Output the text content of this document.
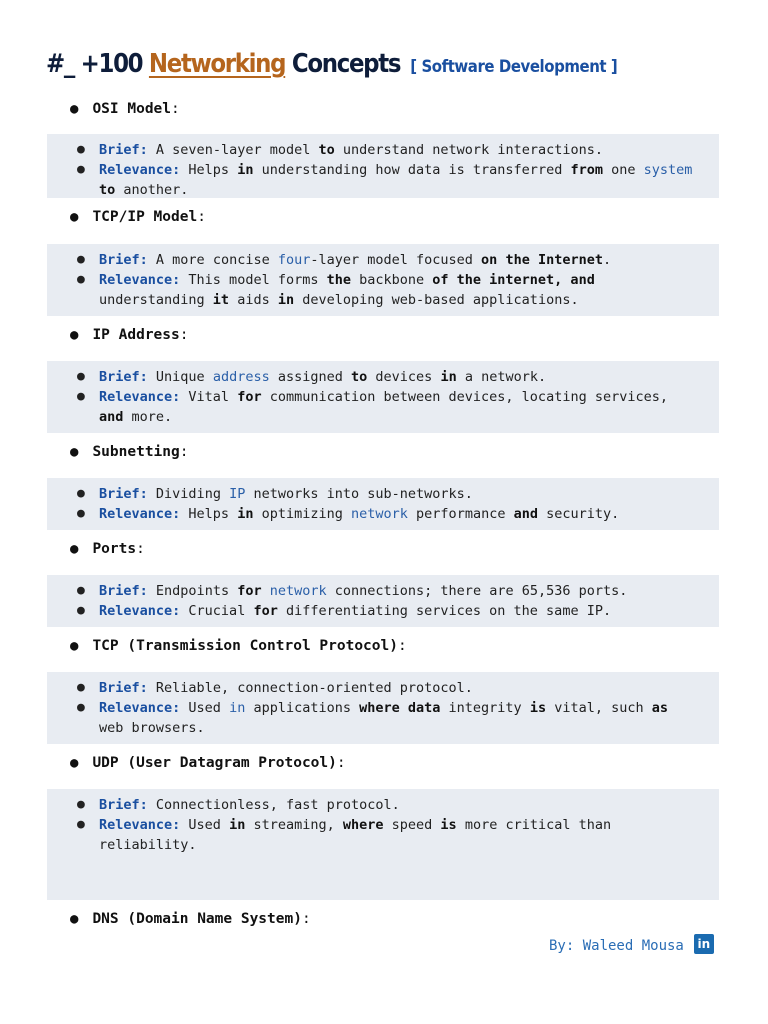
#_ +100 Networking Concepts [ Software Development ]
● OSI Model :
● TCP/IP Model :
● IP Address :
● Subnetting :
● Ports :
● TCP (Transmission Control Protocol) :
● UDP (User Datagram Protocol) :
● DNS (Domain Name System) :
● Brief: A seven-layer model to understand network interactions.
● Relevance: Helps in understanding how data is transferred from one system to another.
● Brief: A more concise four-layer model focused on the Internet.
● Relevance: This model forms the backbone of the internet, and understanding it aids in developing web-based applications.
● Brief: Unique address assigned to devices in a network.
● Relevance: Vital for communication between devices, locating services, and more.
● Brief: Dividing IP networks into sub-networks.
● Relevance: Helps in optimizing network performance and security.
● Brief: Endpoints for network connections; there are 65,536 ports.
● Relevance: Crucial for differentiating services on the same IP.
● Brief: Reliable, connection-oriented protocol.
● Relevance: Used in applications where data integrity is vital, such as web browsers.
● Brief: Connectionless, fast protocol.
● Relevance: Used in streaming, where speed is more critical than reliability.
By: Waleed Mousa	in
